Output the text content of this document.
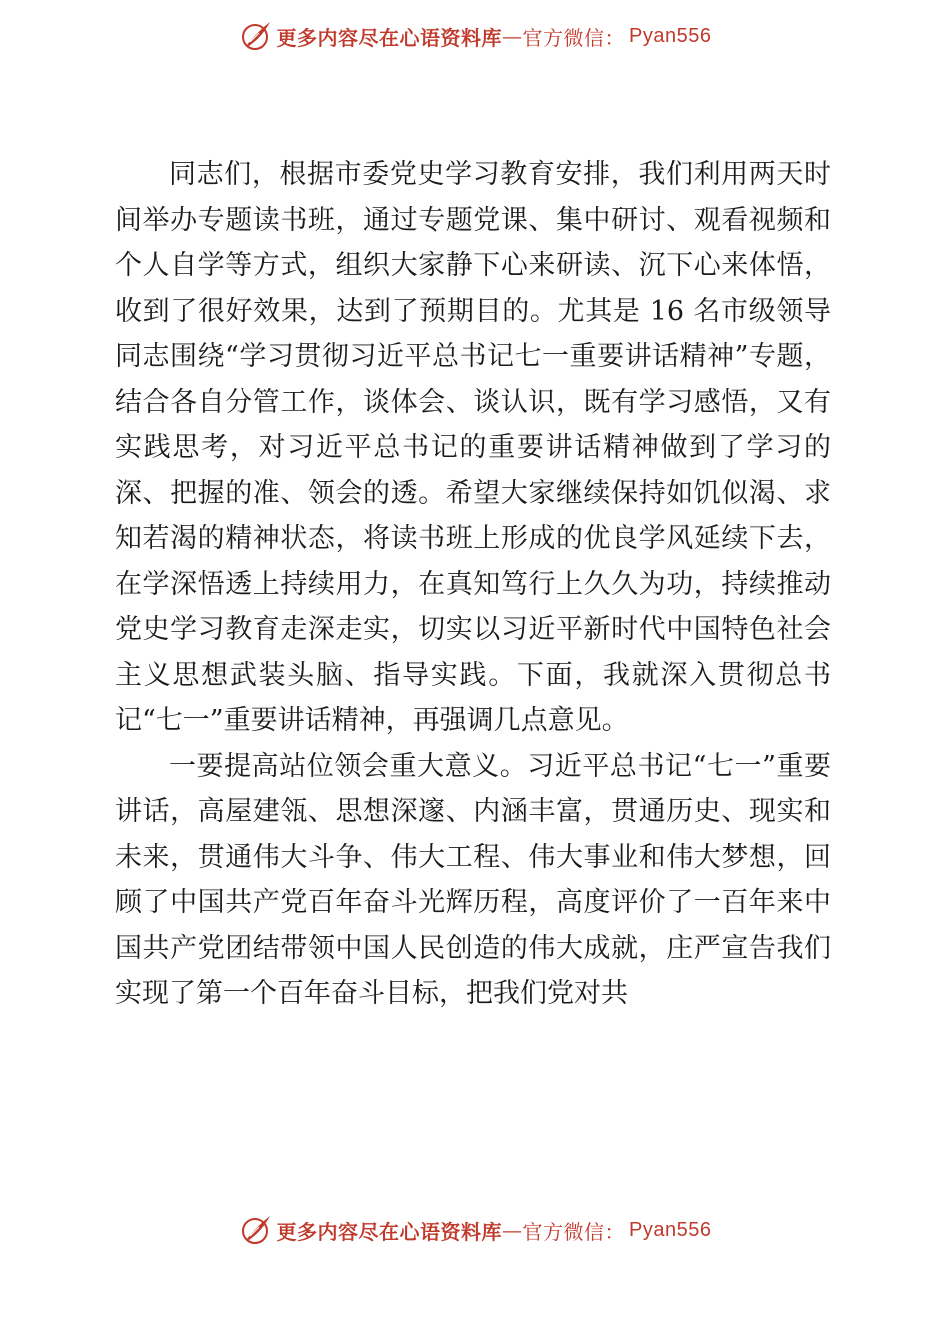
更多内容尽在心语资料库 — 官方微信： Pyan556

同志们，根据市委党史学习教育安排，我们利用两天时间举办专题读书班，通过专题党课、集中研讨、观看视频和个人自学等方式，组织大家静下心来研读、沉下心来体悟，收到了很好效果，达到了预期目的。尤其是 16 名市级领导同志围绕“学习贯彻习近平总书记七一重要讲话精神”专题，结合各自分管工作，谈体会、谈认识，既有学习感悟，又有实践思考，对习近平总书记的重要讲话精神做到了学习的深、把握的准、领会的透。希望大家继续保持如饥似渴、求知若渴的精神状态，将读书班上形成的优良学风延续下去，在学深悟透上持续用力，在真知笃行上久久为功，持续推动党史学习教育走深走实，切实以习近平新时代中国特色社会主义思想武装头脑、指导实践。下面，我就深入贯彻总书记“七一”重要讲话精神，再强调几点意见。

一要提高站位领会重大意义。习近平总书记“七一”重要讲话，高屋建瓴、思想深邃、内涵丰富，贯通历史、现实和未来，贯通伟大斗争、伟大工程、伟大事业和伟大梦想，回顾了中国共产党百年奋斗光辉历程，高度评价了一百年来中国共产党团结带领中国人民创造的伟大成就，庄严宣告我们实现了第一个百年奋斗目标，把我们党对共

更多内容尽在心语资料库 — 官方微信： Pyan556
